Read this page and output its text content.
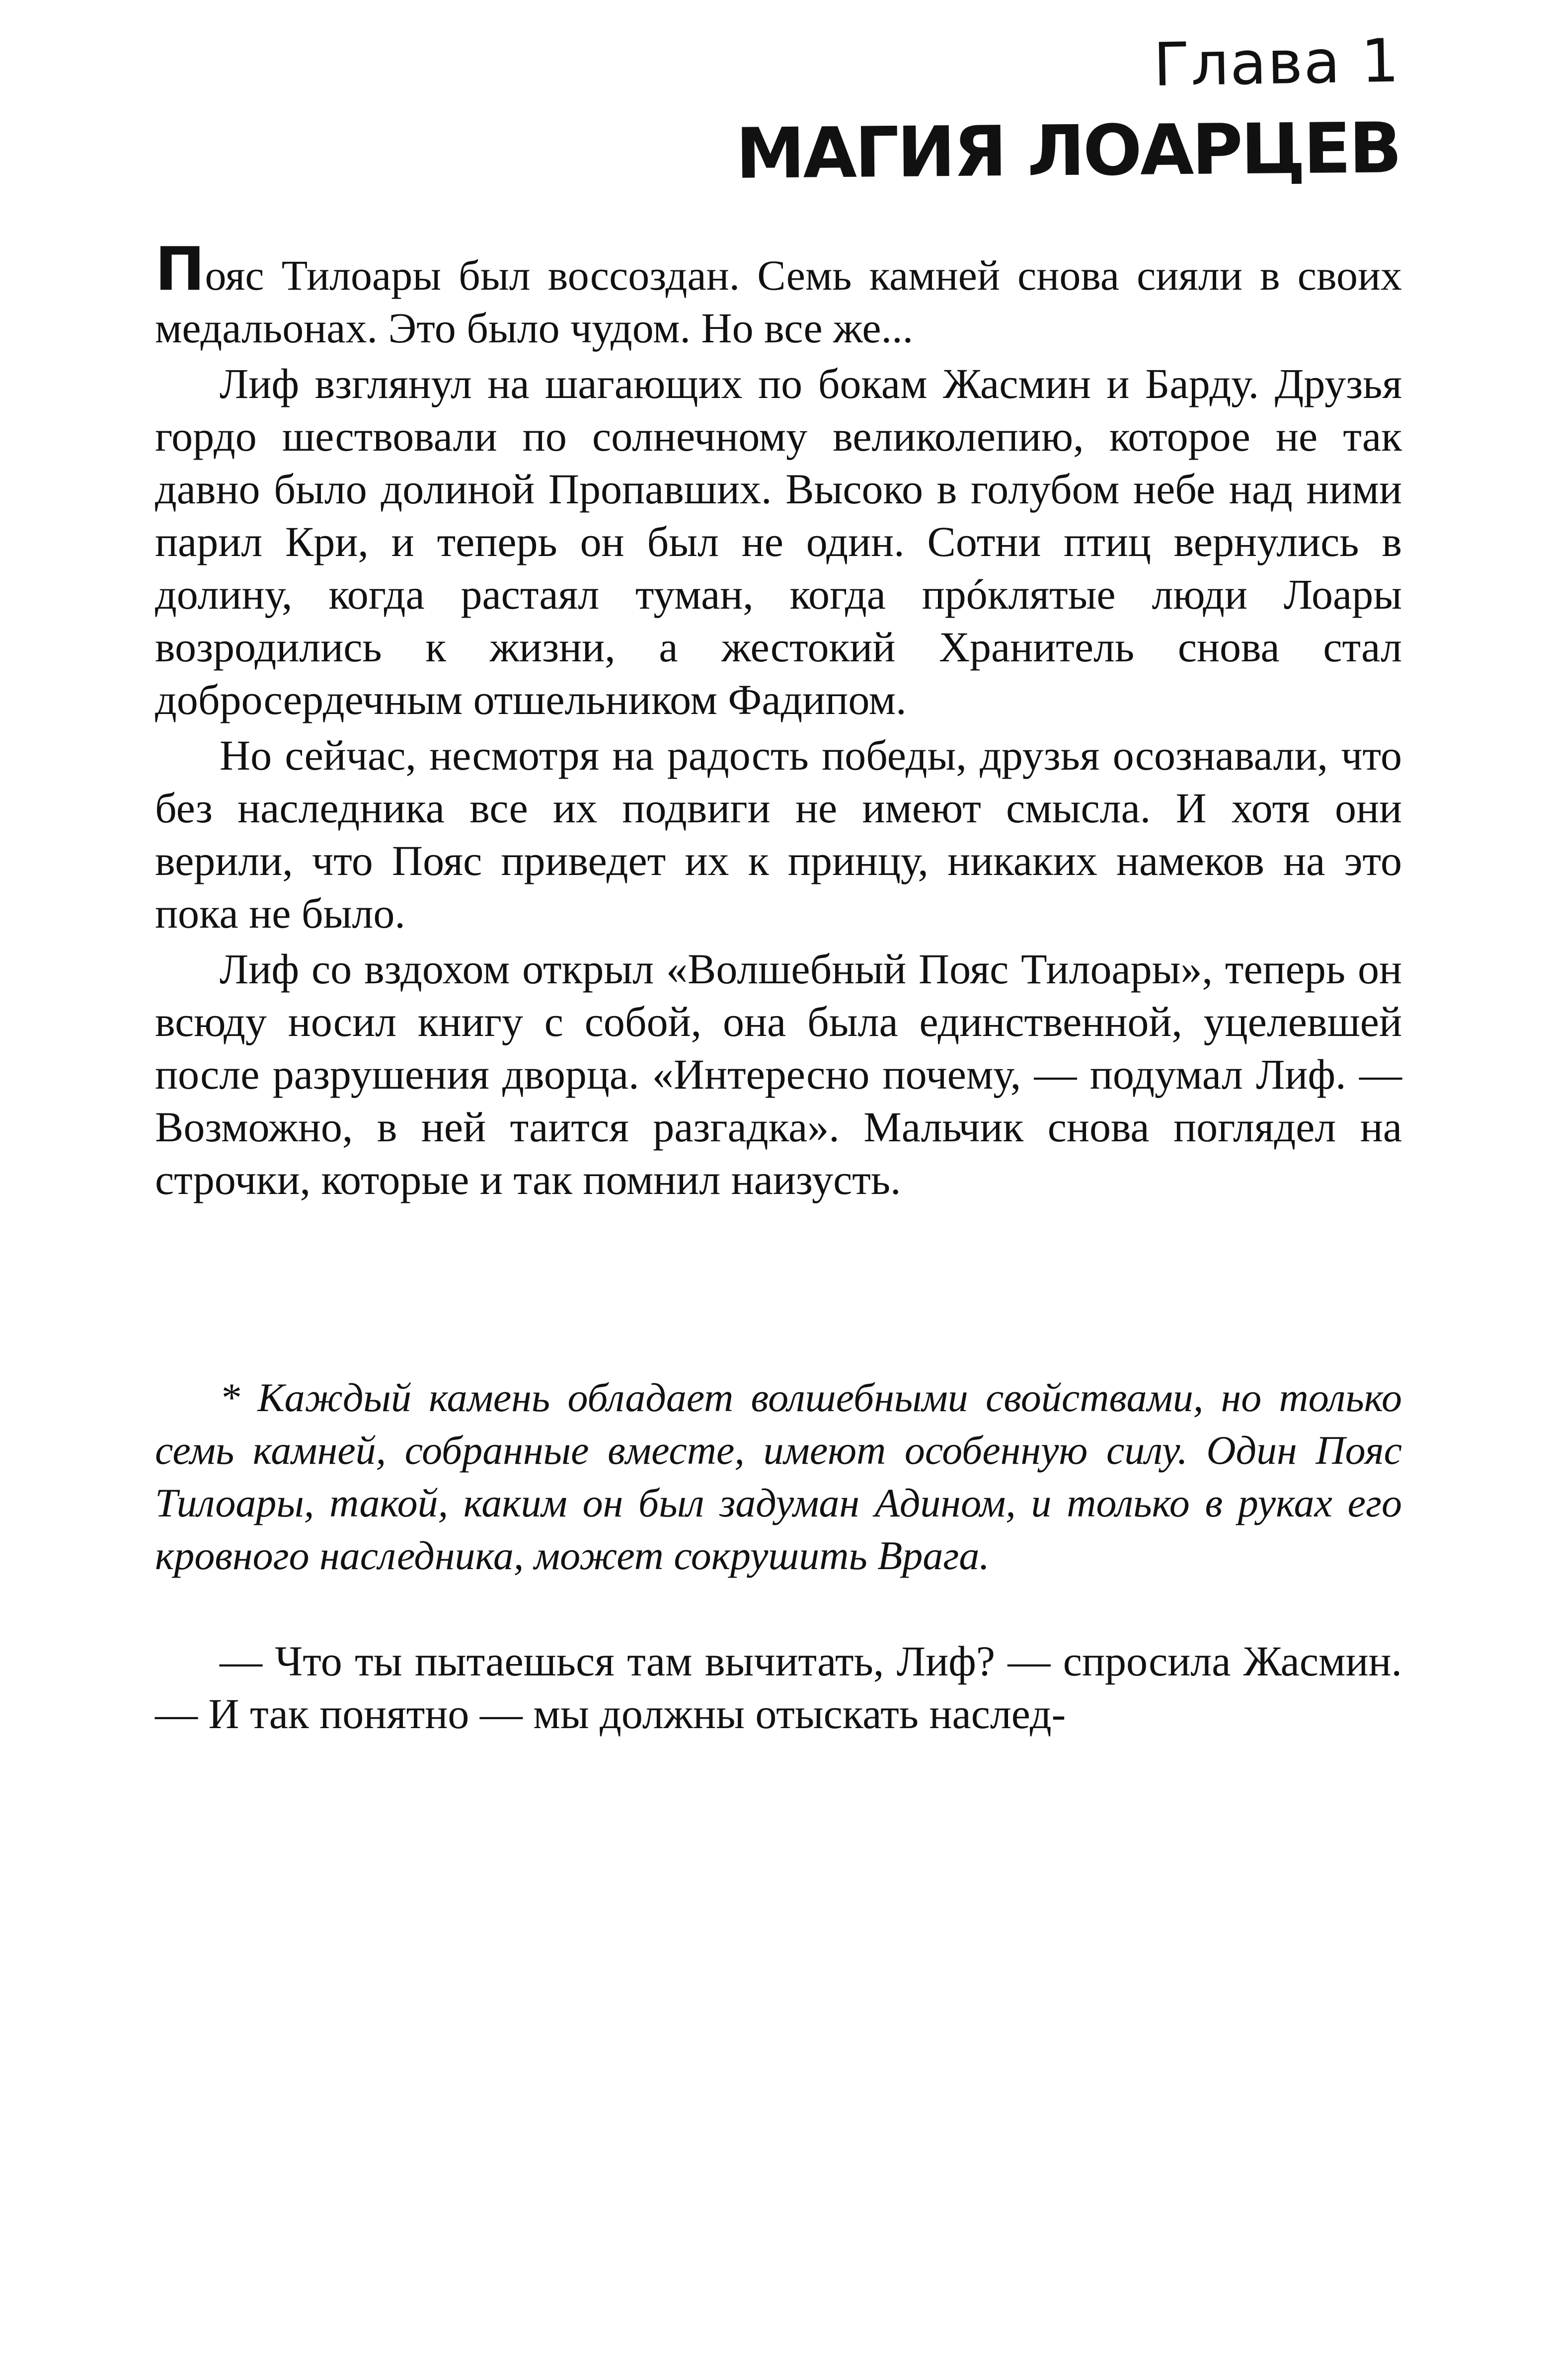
Глава 1
МАГИЯ ЛОАРЦЕВ

Пояс Тилоары был воссоздан. Семь камней снова сияли в своих медальонах. Это было чудом. Но все же...

Лиф взглянул на шагающих по бокам Жасмин и Барду. Друзья гордо шествовали по солнечному великолепию, которое не так давно было долиной Пропавших. Высоко в голубом небе над ними парил Кри, и теперь он был не один. Сотни птиц вернулись в долину, когда растаял туман, когда прóклятые люди Лоары возродились к жизни, а жестокий Хранитель снова стал добросердечным отшельником Фадипом.

Но сейчас, несмотря на радость победы, друзья осознавали, что без наследника все их подвиги не имеют смысла. И хотя они верили, что Пояс приведет их к принцу, никаких намеков на это пока не было.

Лиф со вздохом открыл «Волшебный Пояс Тилоары», теперь он всюду носил книгу с собой, она была единственной, уцелевшей после разрушения дворца. «Интересно почему, — подумал Лиф. — Возможно, в ней таится разгадка». Мальчик снова поглядел на строчки, которые и так помнил наизусть.

* Каждый камень обладает волшебными свойствами, но только семь камней, собранные вместе, имеют особенную силу. Один Пояс Тилоары, такой, каким он был задуман Адином, и только в руках его кровного наследника, может сокрушить Врага.

— Что ты пытаешься там вычитать, Лиф? — спросила Жасмин. — И так понятно — мы должны отыскать наслед-
